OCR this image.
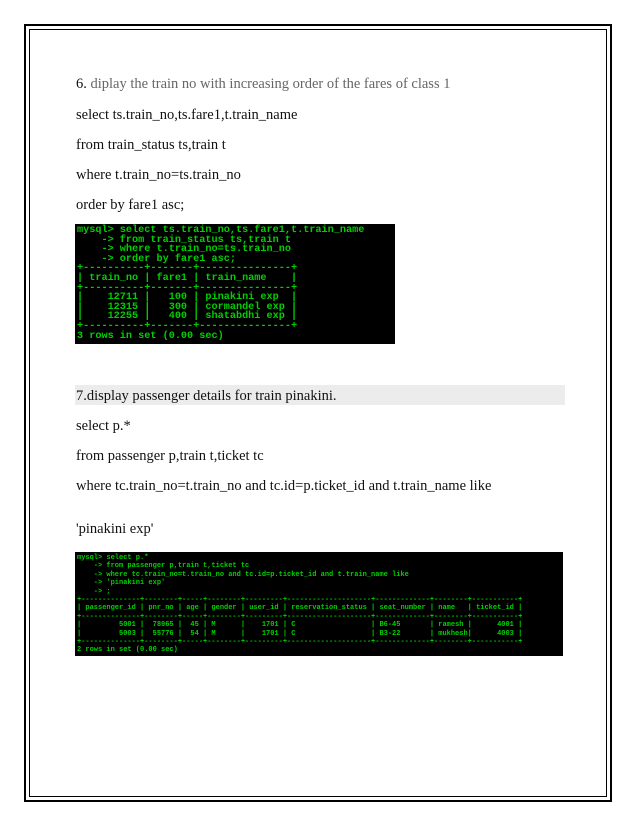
6. diplay the train no with increasing order of the fares of class 1
select ts.train_no,ts.fare1,t.train_name
from train_status ts,train t
where t.train_no=ts.train_no
order by fare1 asc;
mysql> select ts.train_no,ts.fare1,t.train_name
-> from train_status ts,train t
-> where t.train_no=ts.train_no
-> order by fare1 asc;
+----------+-------+---------------+
| train_no | fare1 | train_name    |
+----------+-------+---------------+
|    12711 |   100 | pinakini exp  |
|    12315 |   300 | cormandel exp |
|    12255 |   400 | shatabdhi exp |
+----------+-------+---------------+
3 rows in set (0.00 sec)
7.display passenger details for train pinakini.
select p.*
from passenger p,train t,ticket tc
where tc.train_no=t.train_no and tc.id=p.ticket_id and t.train_name like
'pinakini exp'
mysql> select p.*
-> from passenger p,train t,ticket tc
-> where tc.train_no=t.train_no and tc.id=p.ticket_id and t.train_name like
-> 'pinakini exp'
-> ;
+--------------+--------+-----+--------+---------+--------------------+-------------+--------+-----------+
| passenger_id | pnr_no | age | gender | user_id | reservation_status | seat_number | name   | ticket_id |
+--------------+--------+-----+--------+---------+--------------------+-------------+--------+-----------+
|         5001 |  78965 |  45 | M      |    1701 | C                  | B6-45       | ramesh |      4001 |
|         5003 |  55776 |  54 | M      |    1701 | C                  | B3-22       | mukhesh|      4003 |
+--------------+--------+-----+--------+---------+--------------------+-------------+--------+-----------+
2 rows in set (0.00 sec)
